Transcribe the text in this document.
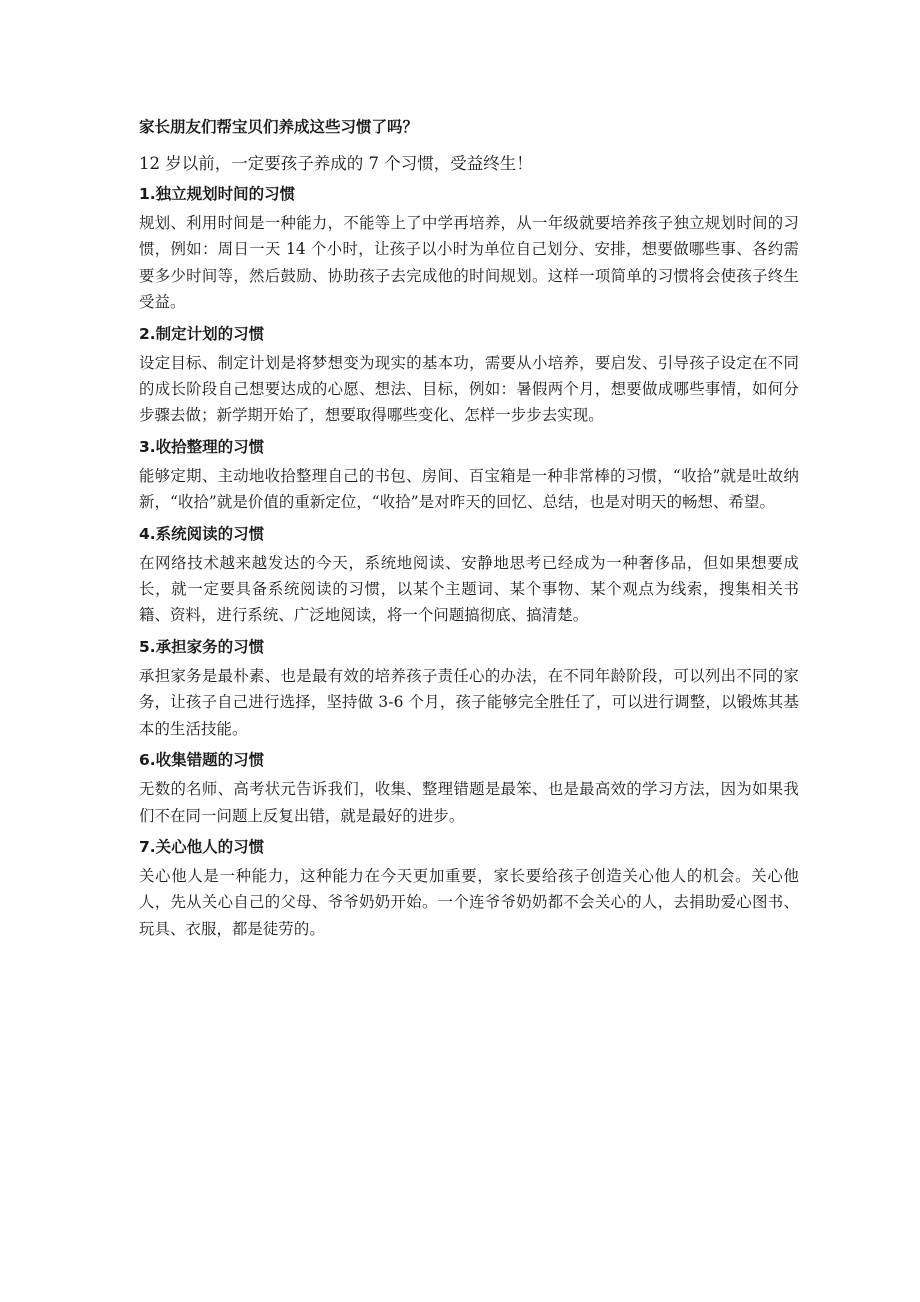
家长朋友们帮宝贝们养成这些习惯了吗？
12 岁以前，一定要孩子养成的 7 个习惯，受益终生！
1.独立规划时间的习惯

规划、利用时间是一种能力，不能等上了中学再培养，从一年级就要培养孩子独立规划时间的习惯，例如：周日一天 14 个小时，让孩子以小时为单位自己划分、安排，想要做哪些事、各约需要多少时间等，然后鼓励、协助孩子去完成他的时间规划。这样一项简单的习惯将会使孩子终生受益。

2.制定计划的习惯

设定目标、制定计划是将梦想变为现实的基本功，需要从小培养，要启发、引导孩子设定在不同的成长阶段自己想要达成的心愿、想法、目标，例如：暑假两个月，想要做成哪些事情，如何分步骤去做；新学期开始了，想要取得哪些变化、怎样一步步去实现。

3.收拾整理的习惯

能够定期、主动地收拾整理自己的书包、房间、百宝箱是一种非常棒的习惯，“收拾”就是吐故纳新，“收拾”就是价值的重新定位，“收拾”是对昨天的回忆、总结，也是对明天的畅想、希望。

4.系统阅读的习惯

在网络技术越来越发达的今天，系统地阅读、安静地思考已经成为一种奢侈品，但如果想要成长，就一定要具备系统阅读的习惯，以某个主题词、某个事物、某个观点为线索，搜集相关书籍、资料，进行系统、广泛地阅读，将一个问题搞彻底、搞清楚。

5.承担家务的习惯

承担家务是最朴素、也是最有效的培养孩子责任心的办法，在不同年龄阶段，可以列出不同的家务，让孩子自己进行选择，坚持做 3-6 个月，孩子能够完全胜任了，可以进行调整，以锻炼其基本的生活技能。

6.收集错题的习惯

无数的名师、高考状元告诉我们，收集、整理错题是最笨、也是最高效的学习方法，因为如果我们不在同一问题上反复出错，就是最好的进步。

7.关心他人的习惯

关心他人是一种能力，这种能力在今天更加重要，家长要给孩子创造关心他人的机会。关心他人，先从关心自己的父母、爷爷奶奶开始。一个连爷爷奶奶都不会关心的人，去捐助爱心图书、玩具、衣服，都是徒劳的。
